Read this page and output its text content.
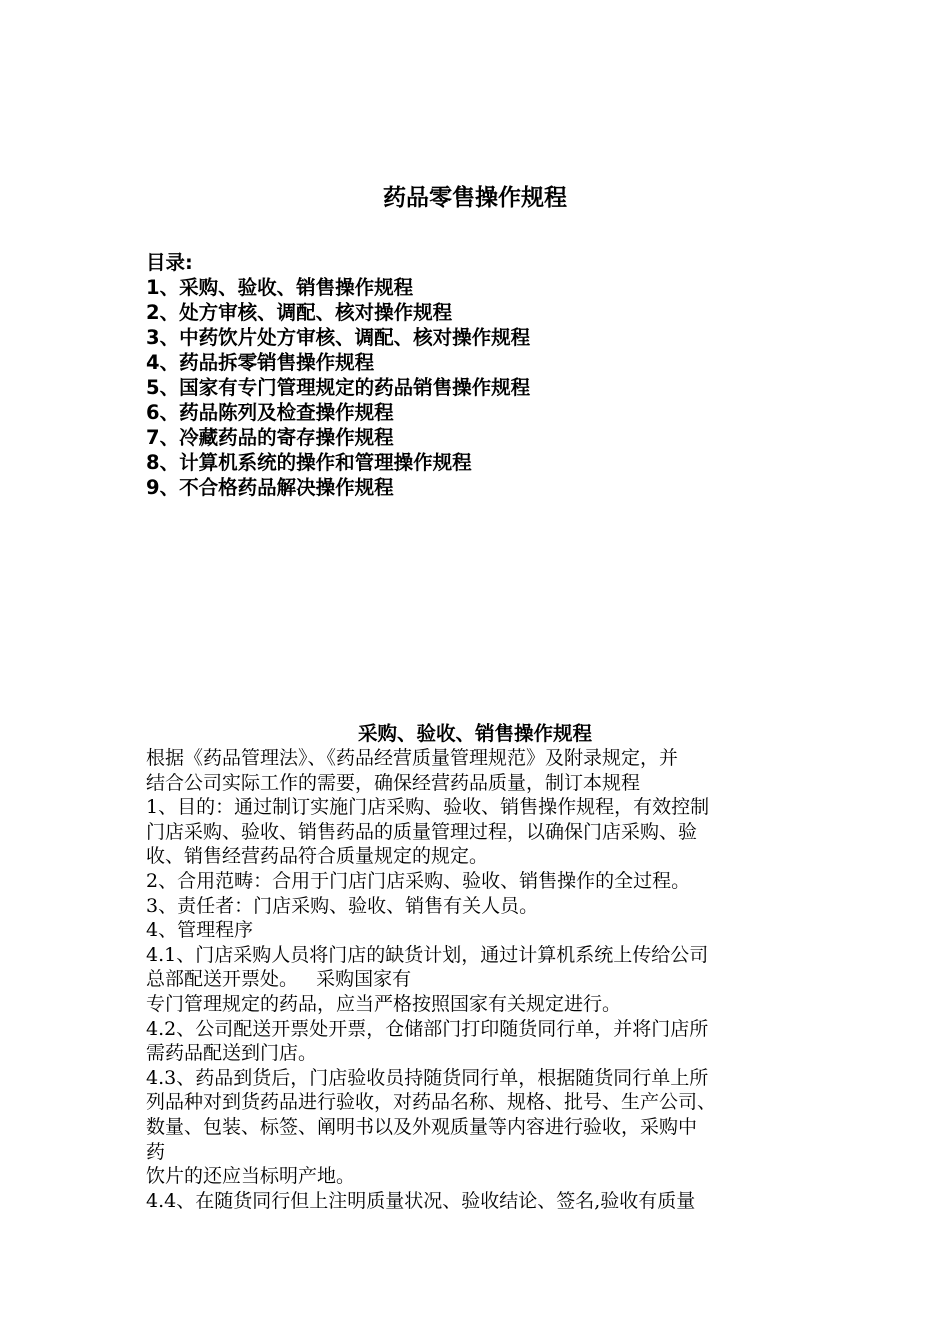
药品零售操作规程

目录:

1、采购、验收、销售操作规程

2、处方审核、调配、核对操作规程

3、中药饮片处方审核、调配、核对操作规程

4、药品拆零销售操作规程

5、国家有专门管理规定的药品销售操作规程

6、药品陈列及检查操作规程

7、冷藏药品的寄存操作规程

8、计算机系统的操作和管理操作规程

9、不合格药品解决操作规程

采购、验收、销售操作规程

根据《药品管理法》、《药品经营质量管理规范》及附录规定，并

结合公司实际工作的需要，确保经营药品质量，制订本规程

1、目的：通过制订实施门店采购、验收、销售操作规程，有效控制

门店采购、验收、销售药品的质量管理过程，以确保门店采购、验

收、销售经营药品符合质量规定的规定。

2、合用范畴：合用于门店门店采购、验收、销售操作的全过程。

3、责任者：门店采购、验收、销售有关人员。

4、管理程序

4.1、门店采购人员将门店的缺货计划，通过计算机系统上传给公司

总部配送开票处。   采购国家有

专门管理规定的药品，应当严格按照国家有关规定进行。

4.2、公司配送开票处开票，仓储部门打印随货同行单，并将门店所

需药品配送到门店。

4.3、药品到货后，门店验收员持随货同行单，根据随货同行单上所

列品种对到货药品进行验收，对药品名称、规格、批号、生产公司、

数量、包装、标签、阐明书以及外观质量等内容进行验收，采购中

药

饮片的还应当标明产地。

4.4、在随货同行但上注明质量状况、验收结论、签名,验收有质量
